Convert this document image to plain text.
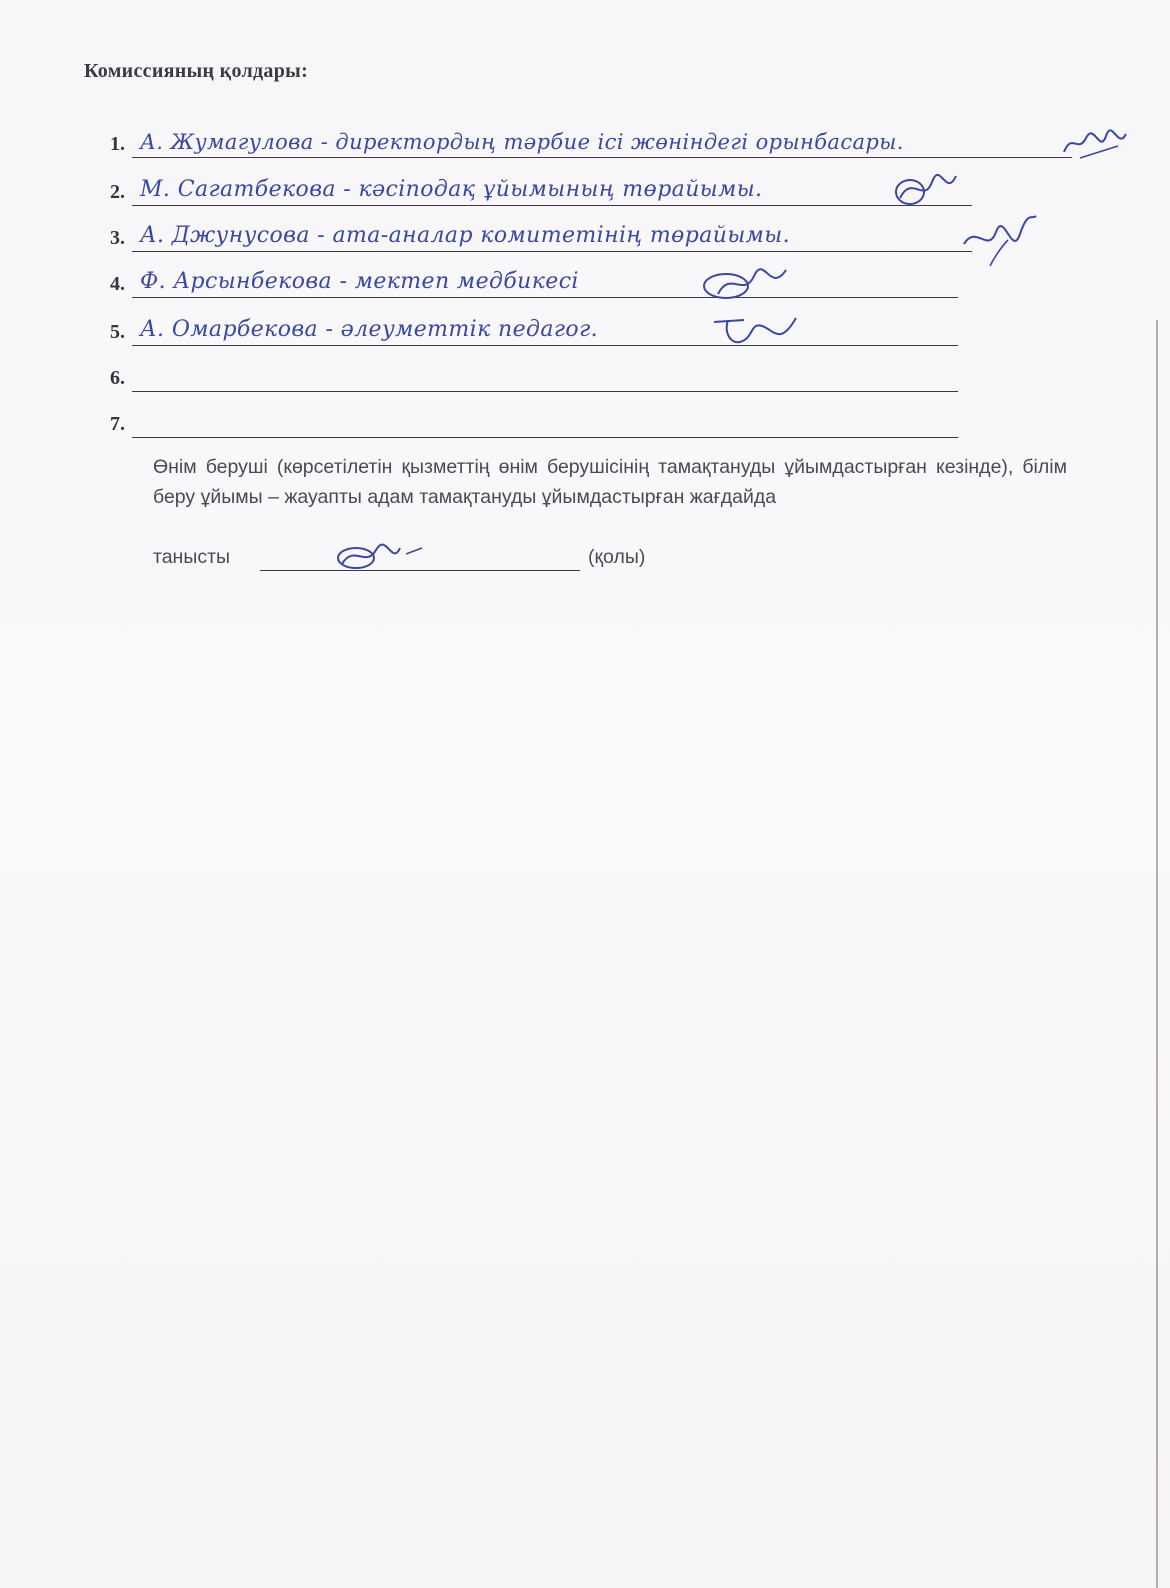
Комиссияның қолдары:
1. А. Жумагулова - директордың тәрбие ісі жөніндегі орынбасары.
2. М. Сагатбекова - кәсіподақ ұйымының төрайымы.
3. А. Джунусова - ата-аналар комитетінің төрайымы.
4. Ф. Арсынбекова - мектеп медбикесі
5. А. Омарбекова - әлеуметтік педагог.
6.
7.
Өнім беруші (көрсетілетін қызметтің өнім берушісінің тамақтануды ұйымдастырған кезінде), білім беру ұйымы – жауапты адам тамақтануды ұйымдастырған жағдайда
танысты	(қолы)
